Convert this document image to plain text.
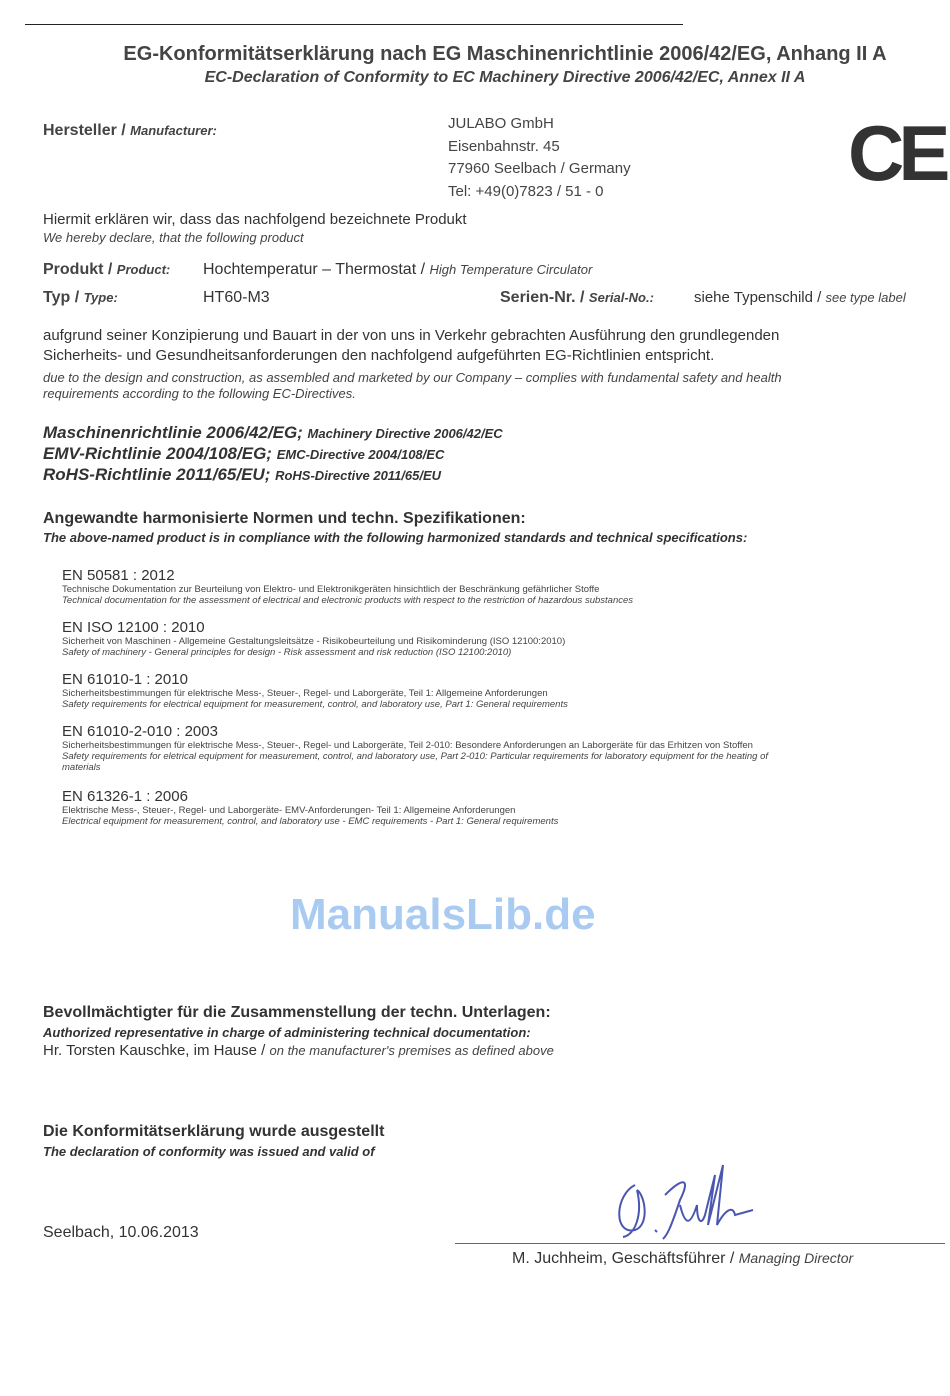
EG-Konformitätserklärung nach EG Maschinenrichtlinie 2006/42/EG, Anhang II A
EC-Declaration of Conformity to EC Machinery Directive 2006/42/EC, Annex II A
Hersteller / Manufacturer:	JULABO GmbH
Eisenbahnstr. 45
77960 Seelbach / Germany
Tel: +49(0)7823 / 51 - 0	CE
Hiermit erklären wir, dass das nachfolgend bezeichnete Produkt
We hereby declare, that the following product
Produkt / Product: Hochtemperatur – Thermostat / High Temperature Circulator
Typ / Type:	HT60-M3	Serien-Nr. / Serial-No.:	siehe Typenschild / see type label
aufgrund seiner Konzipierung und Bauart in der von uns in Verkehr gebrachten Ausführung den grundlegenden
Sicherheits- und Gesundheitsanforderungen den nachfolgend aufgeführten EG-Richtlinien entspricht.
due to the design and construction, as assembled and marketed by our Company – complies with fundamental safety and health
requirements according to the following EC-Directives.
Maschinenrichtlinie 2006/42/EG; Machinery Directive 2006/42/EC
EMV-Richtlinie 2004/108/EG; EMC-Directive 2004/108/EC
RoHS-Richtlinie 2011/65/EU; RoHS-Directive 2011/65/EU
Angewandte harmonisierte Normen und techn. Spezifikationen:
The above-named product is in compliance with the following harmonized standards and technical specifications:
EN 50581 : 2012
Technische Dokumentation zur Beurteilung von Elektro- und Elektronikgeräten hinsichtlich der Beschränkung gefährlicher Stoffe
Technical documentation for the assessment of electrical and electronic products with respect to the restriction of hazardous substances
EN ISO 12100 : 2010
Sicherheit von Maschinen - Allgemeine Gestaltungsleitsätze - Risikobeurteilung und Risikominderung (ISO 12100:2010)
Safety of machinery - General principles for design - Risk assessment and risk reduction (ISO 12100:2010)
EN 61010-1 : 2010
Sicherheitsbestimmungen für elektrische Mess-, Steuer-, Regel- und Laborgeräte, Teil 1: Allgemeine Anforderungen
Safety requirements for electrical equipment for measurement, control, and laboratory use, Part 1: General requirements
EN 61010-2-010 : 2003
Sicherheitsbestimmungen für elektrische Mess-, Steuer-, Regel- und Laborgeräte, Teil 2-010: Besondere Anforderungen an Laborgeräte für das Erhitzen von Stoffen
Safety requirements for eletrical equipment for measurement, control, and laboratory use, Part 2-010: Particular requirements for laboratory equipment for the heating of
materials
EN 61326-1 : 2006
Elektrische Mess-, Steuer-, Regel- und Laborgeräte- EMV-Anforderungen- Teil 1: Allgemeine Anforderungen
Electrical equipment for measurement, control, and laboratory use - EMC requirements - Part 1: General requirements
ManualsLib.de
Bevollmächtigter für die Zusammenstellung der techn. Unterlagen:
Authorized representative in charge of administering technical documentation:
Hr. Torsten Kauschke, im Hause / on the manufacturer's premises as defined above
Die Konformitätserklärung wurde ausgestellt
The declaration of conformity was issued and valid of
Seelbach, 10.06.2013
M. Juchheim, Geschäftsführer / Managing Director
